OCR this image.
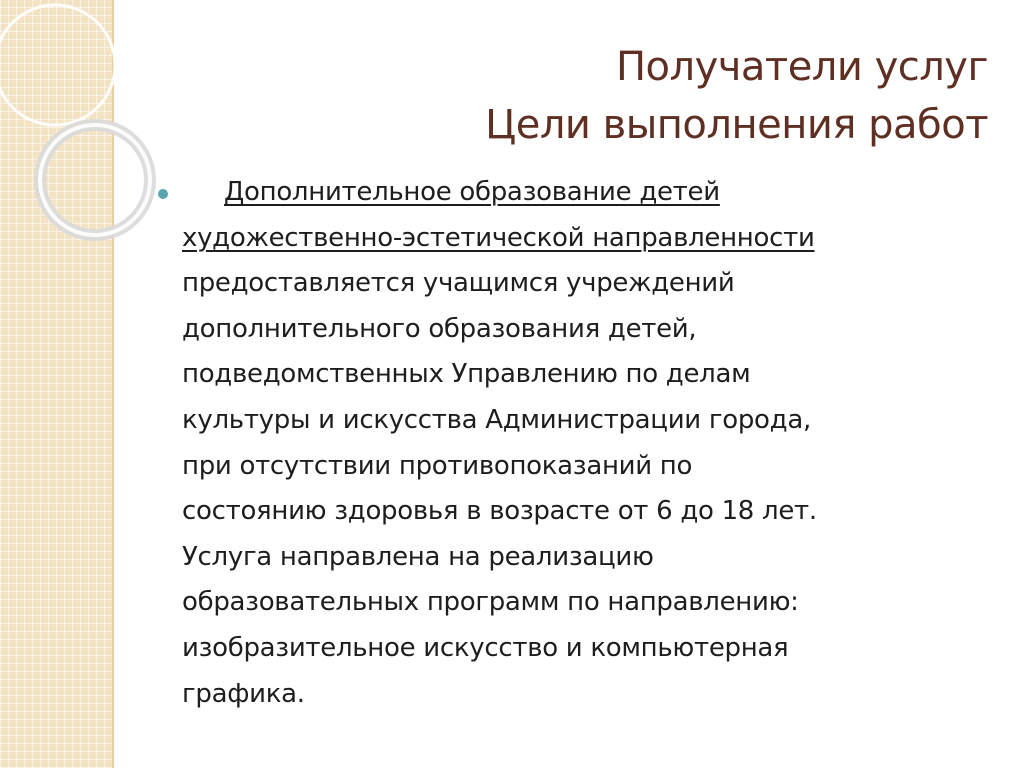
Получатели услуг
Цели выполнения работ
Дополнительное образование детей
художественно-эстетической направленности
предоставляется учащимся учреждений
дополнительного образования детей,
подведомственных Управлению по делам
культуры и искусства Администрации города,
при отсутствии противопоказаний по
состоянию здоровья в возрасте от 6 до 18 лет.
Услуга направлена на реализацию
образовательных программ по направлению:
изобразительное искусство и компьютерная
графика.
